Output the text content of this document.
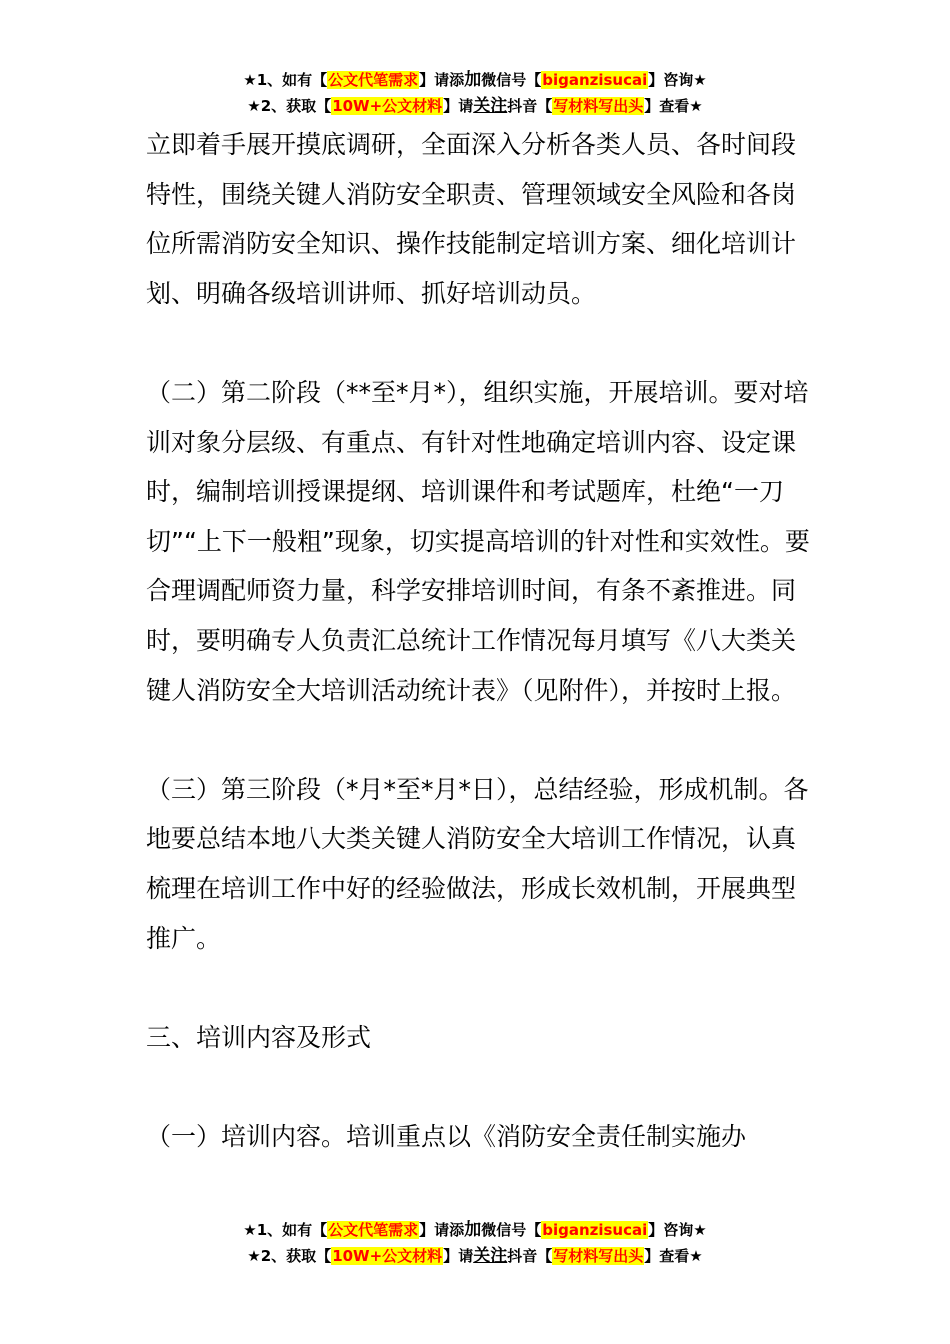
★1、如有【公文代笔需求】请添加微信号【biganzisucai】咨询★
★2、获取【10W+公文材料】请关注抖音【写材料写出头】查看★

立即着手展开摸底调研，全面深入分析各类人员、各时间段特性，围绕关键人消防安全职责、管理领域安全风险和各岗位所需消防安全知识、操作技能制定培训方案、细化培训计划、明确各级培训讲师、抓好培训动员。

（二）第二阶段（**至*月*），组织实施，开展培训。要对培训对象分层级、有重点、有针对性地确定培训内容、设定课时，编制培训授课提纲、培训课件和考试题库，杜绝“一刀切”“上下一般粗”现象，切实提高培训的针对性和实效性。要合理调配师资力量，科学安排培训时间，有条不紊推进。同时，要明确专人负责汇总统计工作情况每月填写《八大类关键人消防安全大培训活动统计表》（见附件），并按时上报。

（三）第三阶段（*月*至*月*日），总结经验，形成机制。各地要总结本地八大类关键人消防安全大培训工作情况，认真梳理在培训工作中好的经验做法，形成长效机制，开展典型推广。

三、培训内容及形式

（一）培训内容。培训重点以《消防安全责任制实施办

★1、如有【公文代笔需求】请添加微信号【biganzisucai】咨询★
★2、获取【10W+公文材料】请关注抖音【写材料写出头】查看★
